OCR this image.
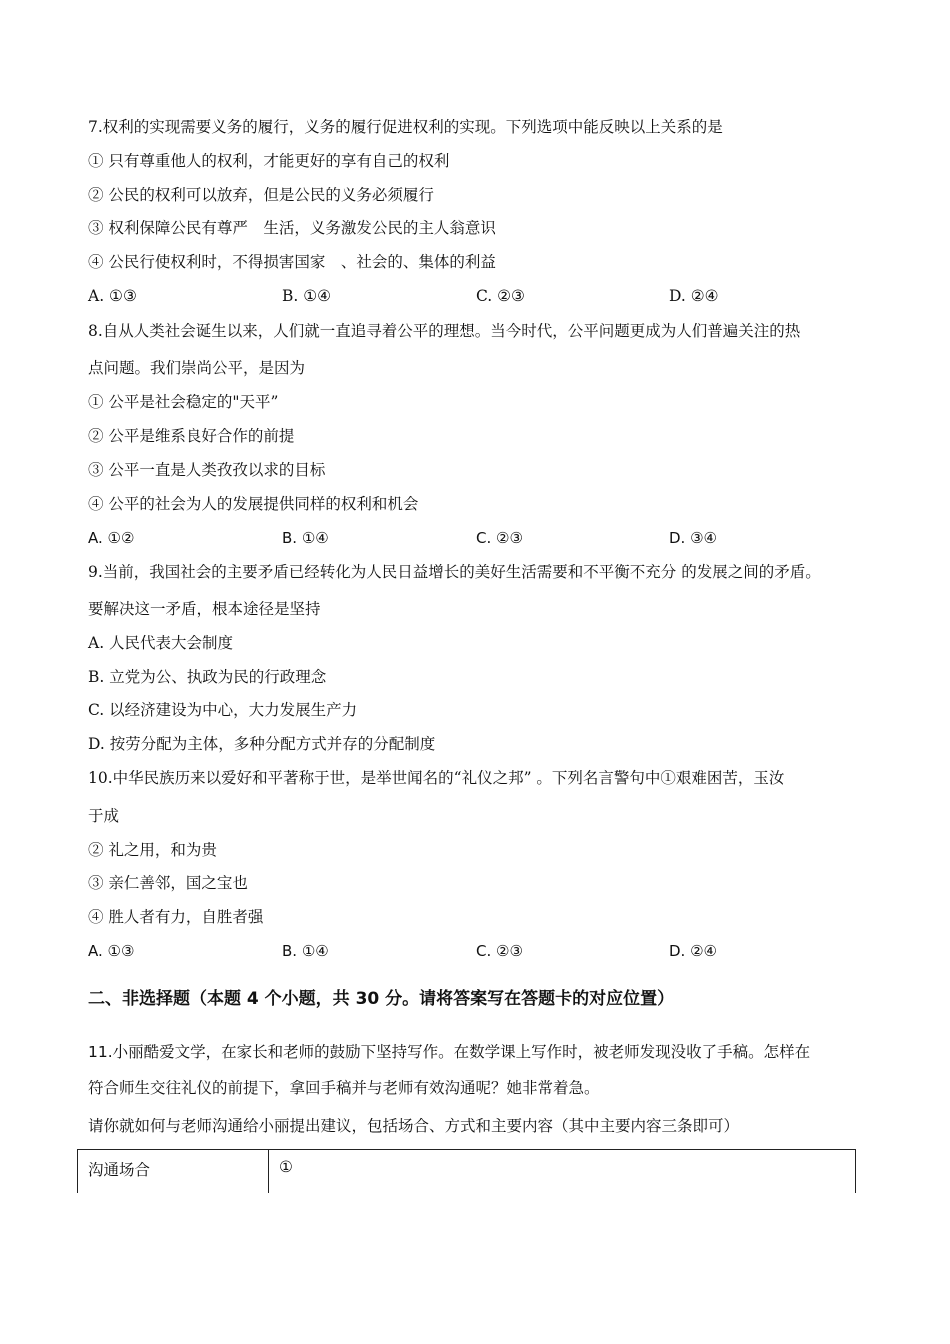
7.权利的实现需要义务的履行，义务的履行促进权利的实现。下列选项中能反映以上关系的是
① 只有尊重他人的权利，才能更好的享有自己的权利
② 公民的权利可以放弃，但是公民的义务必须履行
③ 权利保障公民有尊严　生活，义务激发公民的主人翁意识
④ 公民行使权利时，不得损害国家　、社会的、集体的利益
A. ①③	B. ①④	C. ②③	D. ②④
8.自从人类社会诞生以来，人们就一直追寻着公平的理想。当今时代，公平问题更成为人们普遍关注的热
点问题。我们崇尚公平，是因为
① 公平是社会稳定的"天平”
② 公平是维系良好合作的前提
③ 公平一直是人类孜孜以求的目标
④ 公平的社会为人的发展提供同样的权利和机会
A. ①②	B. ①④	C. ②③	D. ③④
9.当前，我国社会的主要矛盾已经转化为人民日益增长的美好生活需要和不平衡不充分 的发展之间的矛盾。
要解决这一矛盾，根本途径是坚持
A. 人民代表大会制度
B. 立党为公、执政为民的行政理念
C. 以经济建设为中心，大力发展生产力
D. 按劳分配为主体，多种分配方式并存的分配制度
10.中华民族历来以爱好和平著称于世，是举世闻名的“礼仪之邦” 。下列名言警句中①艰难困苦，玉汝
于成
② 礼之用，和为贵
③ 亲仁善邻，国之宝也
④ 胜人者有力，自胜者强
A. ①③	B. ①④	C. ②③	D. ②④
二、非选择题（本题 4 个小题，共 30 分。请将答案写在答题卡的对应位置）
11.小丽酷爱文学，在家长和老师的鼓励下坚持写作。在数学课上写作时，被老师发现没收了手稿。怎样在
符合师生交往礼仪的前提下，拿回手稿并与老师有效沟通呢？她非常着急。
请你就如何与老师沟通给小丽提出建议，包括场合、方式和主要内容（其中主要内容三条即可）
沟通场合	①
